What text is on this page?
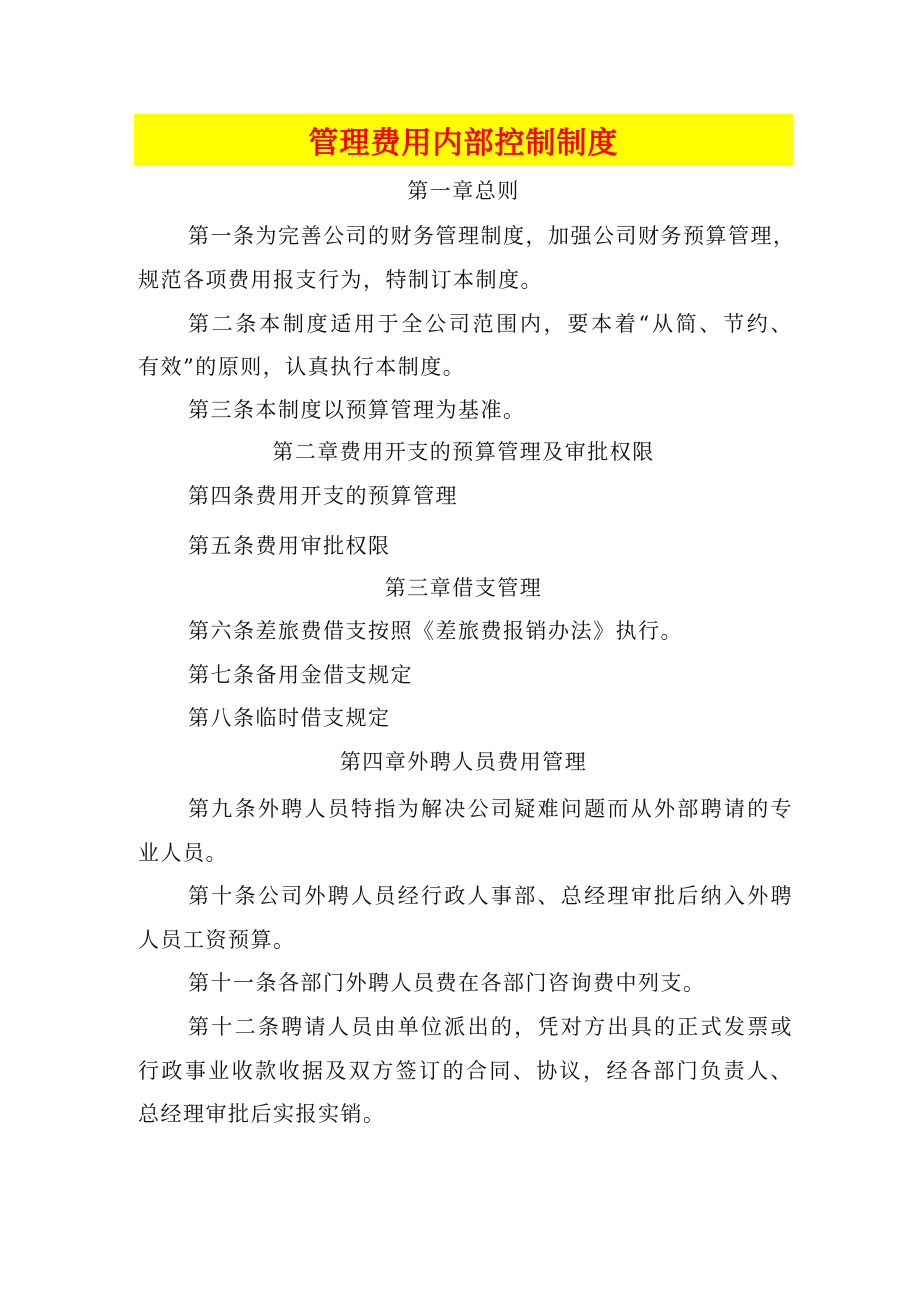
管理费用内部控制制度
第一章总则
第一条为完善公司的财务管理制度，加强公司财务预算管理，
规范各项费用报支行为，特制订本制度。
第二条本制度适用于全公司范围内，要本着“从简、节约、
有效”的原则，认真执行本制度。
第三条本制度以预算管理为基准。
第二章费用开支的预算管理及审批权限
第四条费用开支的预算管理
第五条费用审批权限
第三章借支管理
第六条差旅费借支按照《差旅费报销办法》执行。
第七条备用金借支规定
第八条临时借支规定
第四章外聘人员费用管理
第九条外聘人员特指为解决公司疑难问题而从外部聘请的专
业人员。
第十条公司外聘人员经行政人事部、总经理审批后纳入外聘
人员工资预算。
第十一条各部门外聘人员费在各部门咨询费中列支。
第十二条聘请人员由单位派出的，凭对方出具的正式发票或
行政事业收款收据及双方签订的合同、协议，经各部门负责人、
总经理审批后实报实销。
